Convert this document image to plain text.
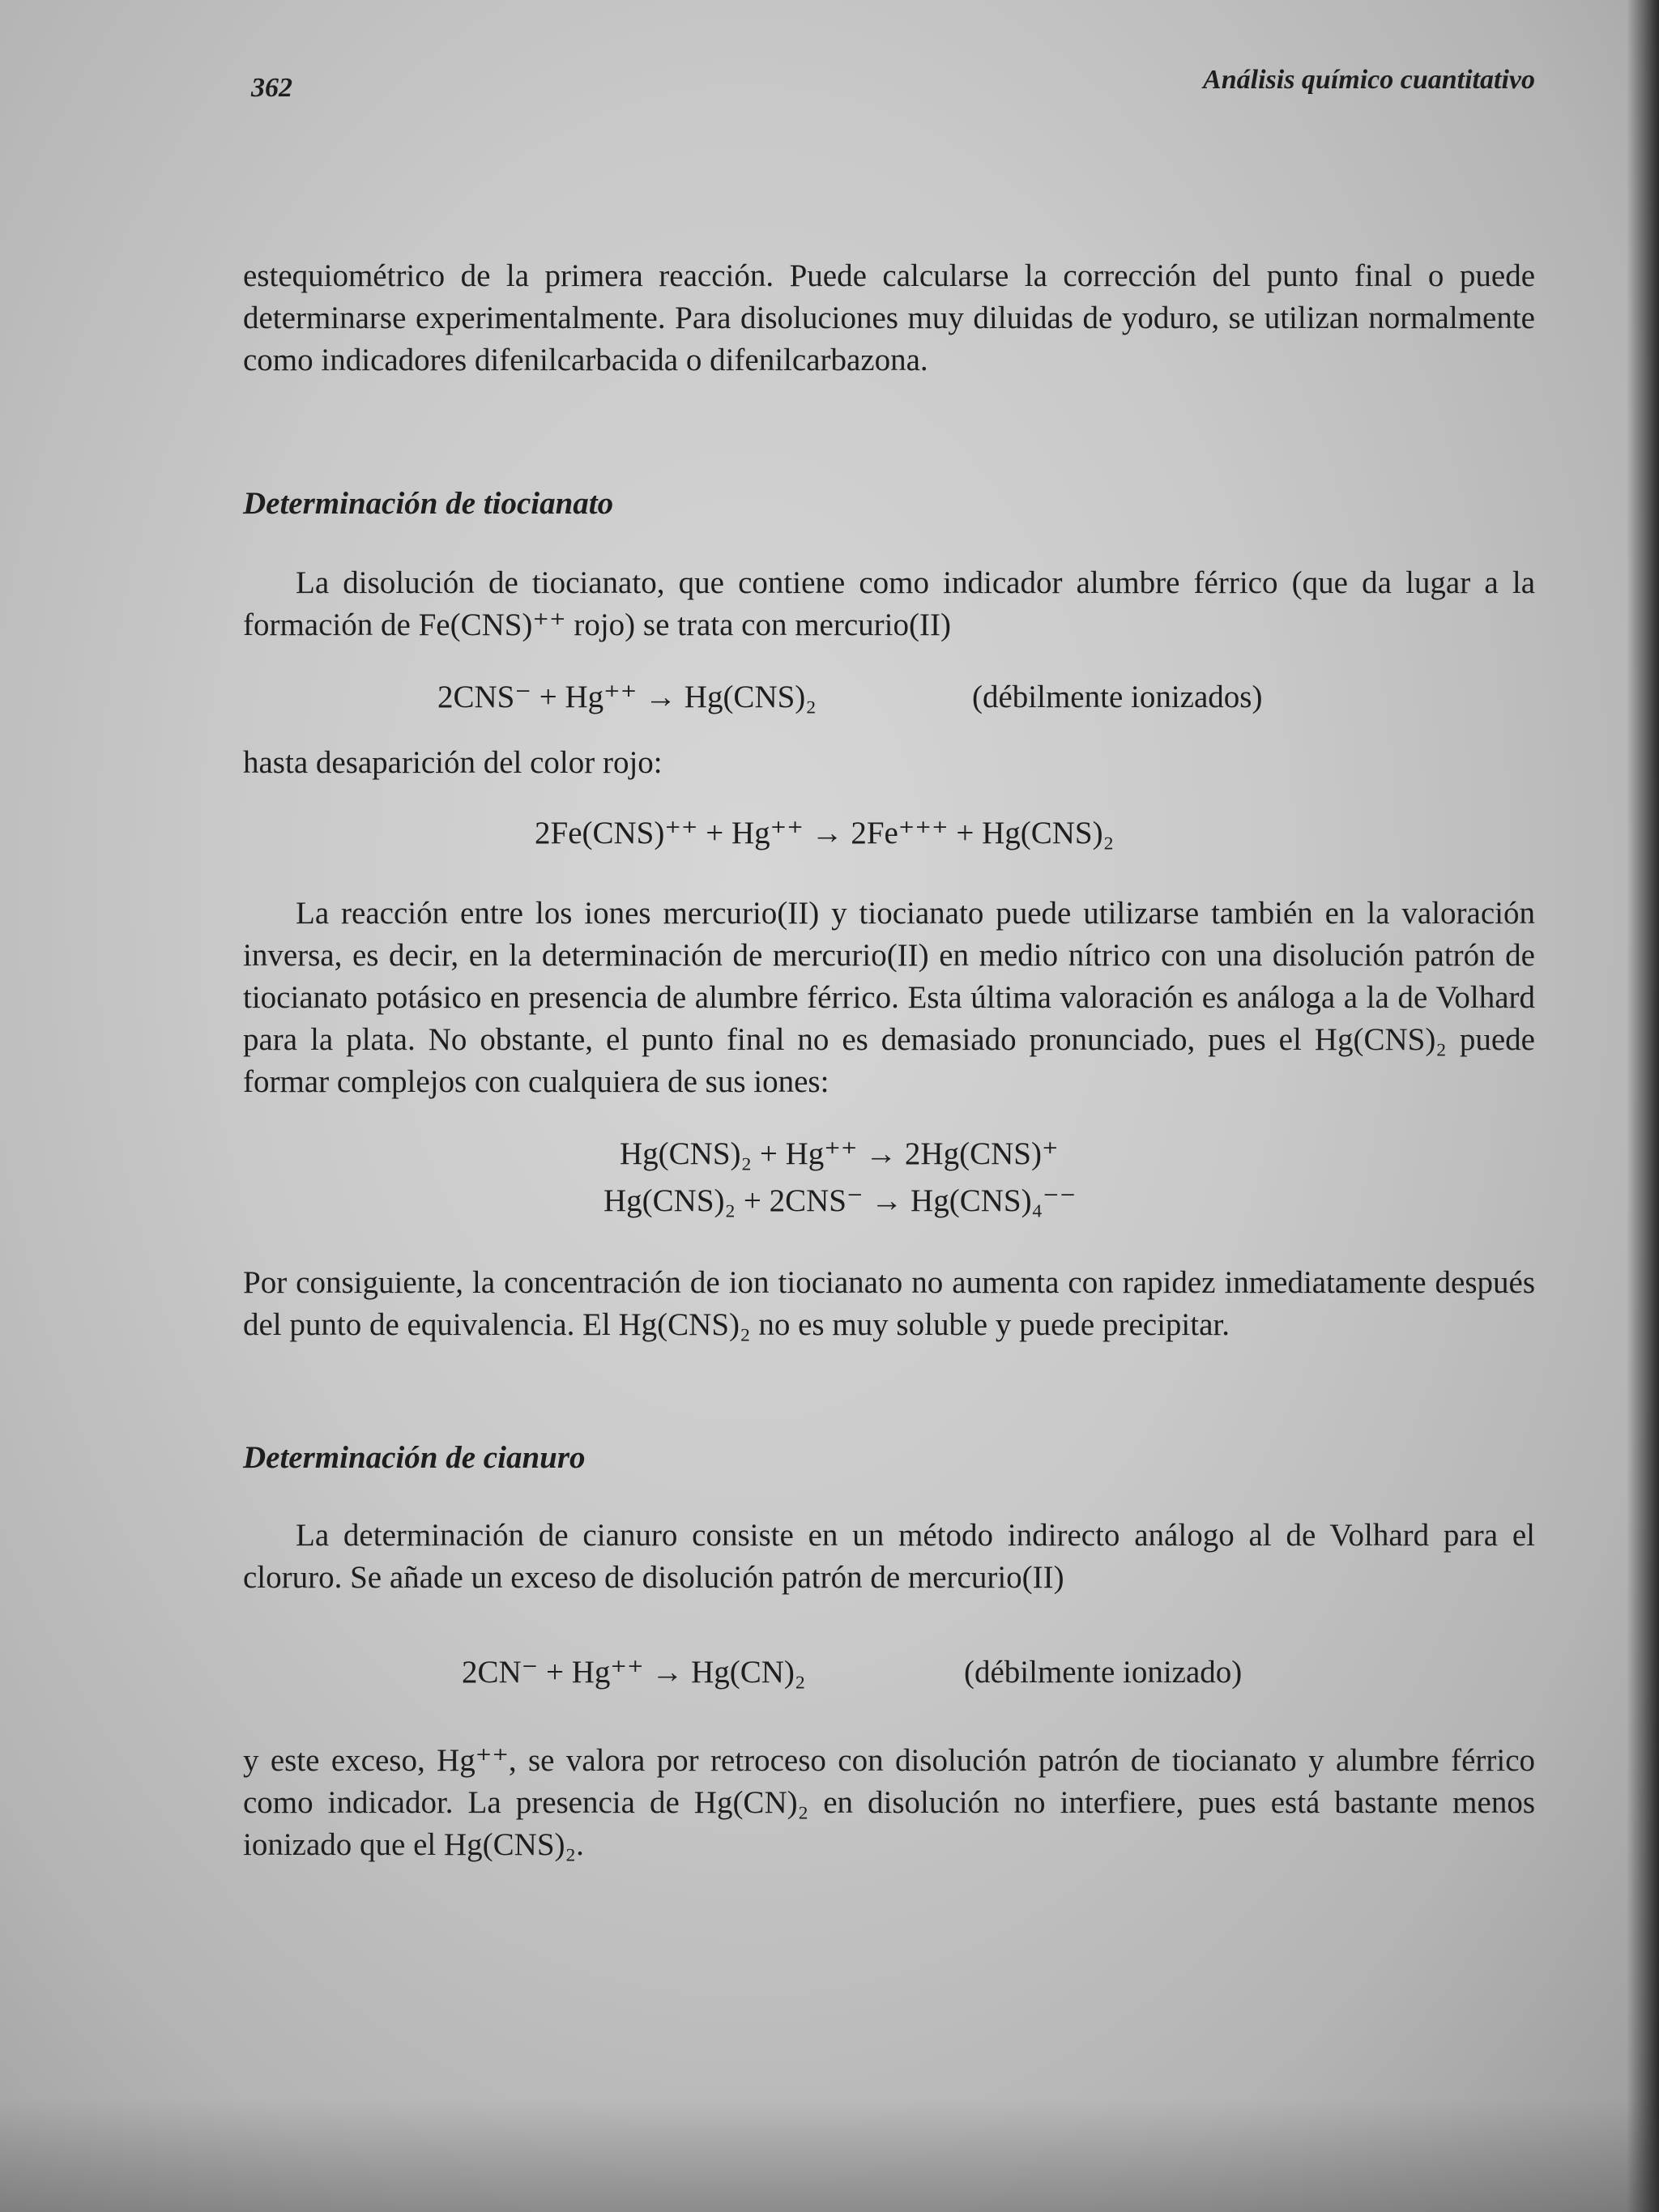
362	Análisis químico cuantitativo

estequiométrico de la primera reacción. Puede calcularse la corrección del punto final o puede determinarse experimentalmente. Para disoluciones muy diluidas de yoduro, se utilizan normalmente como indicadores difenilcarbacida o difenilcarbazona.

Determinación de tiocianato

La disolución de tiocianato, que contiene como indicador alumbre férrico (que da lugar a la formación de Fe(CNS)⁺⁺ rojo) se trata con mercurio(II)

2CNS⁻ + Hg⁺⁺ → Hg(CNS)₂	(débilmente ionizados)

hasta desaparición del color rojo:

2Fe(CNS)⁺⁺ + Hg⁺⁺ → 2Fe⁺⁺⁺ + Hg(CNS)₂

La reacción entre los iones mercurio(II) y tiocianato puede utilizarse también en la valoración inversa, es decir, en la determinación de mercurio(II) en medio nítrico con una disolución patrón de tiocianato potásico en presencia de alumbre férrico. Esta última valoración es análoga a la de Volhard para la plata. No obstante, el punto final no es demasiado pronunciado, pues el Hg(CNS)₂ puede formar complejos con cualquiera de sus iones:

Hg(CNS)₂ + Hg⁺⁺ → 2Hg(CNS)⁺
Hg(CNS)₂ + 2CNS⁻ → Hg(CNS)₄⁻⁻

Por consiguiente, la concentración de ion tiocianato no aumenta con rapidez inmediatamente después del punto de equivalencia. El Hg(CNS)₂ no es muy soluble y puede precipitar.

Determinación de cianuro

La determinación de cianuro consiste en un método indirecto análogo al de Volhard para el cloruro. Se añade un exceso de disolución patrón de mercurio(II)

2CN⁻ + Hg⁺⁺ → Hg(CN)₂	(débilmente ionizado)

y este exceso, Hg⁺⁺, se valora por retroceso con disolución patrón de tiocianato y alumbre férrico como indicador. La presencia de Hg(CN)₂ en disolución no interfiere, pues está bastante menos ionizado que el Hg(CNS)₂.
